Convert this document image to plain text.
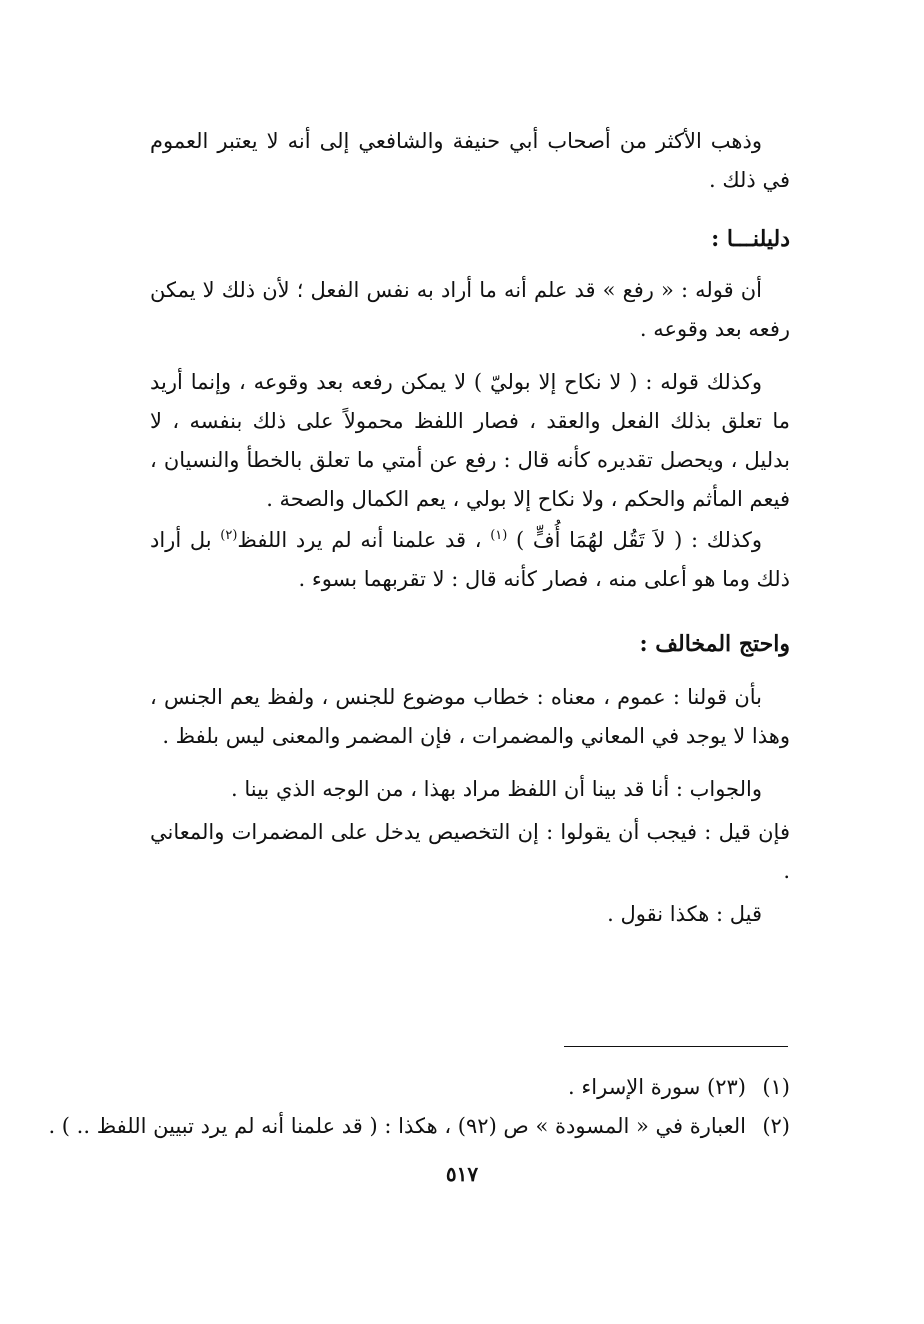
وذهب الأكثر من أصحاب أبي حنيفة والشافعي إلى أنه لا يعتبر العموم في ذلك .

دليلنـــا :

أن قوله : « رفع » قد علم أنه ما أراد به نفس الفعل ؛ لأن ذلك لا يمكن رفعه بعد وقوعه .

وكذلك قوله : ( لا نكاح إلا بوليّ ) لا يمكن رفعه بعد وقوعه ، وإنما أريد ما تعلق بذلك الفعل والعقد ، فصار اللفظ محمولاً على ذلك بنفسه ، لا بدليل ، ويحصل تقديره كأنه قال : رفع عن أمتي ما تعلق بالخطأ والنسيان ، فيعم المأثم والحكم ، ولا نكاح إلا بولي ، يعم الكمال والصحة .

وكذلك : ( لاَ تَقُل لهُمَا أُفٍّ ) $^{(١)}$ ، قد علمنا أنه لم يرد اللفظ$^{(٢)}$ بل أراد ذلك وما هو أعلى منه ، فصار كأنه قال : لا تقربهما بسوء .

واحتج المخالف :

بأن قولنا : عموم ، معناه : خطاب موضوع للجنس ، ولفظ يعم الجنس ، وهذا لا يوجد في المعاني والمضمرات ، فإن المضمر والمعنى ليس بلفظ .

والجواب : أنا قد بينا أن اللفظ مراد بهذا ، من الوجه الذي بينا .

فإن قيل : فيجب أن يقولوا : إن التخصيص يدخل على المضمرات والمعاني .

قيل : هكذا نقول .

(١)(٢٣) سورة الإسراء .

(٢)العبارة في « المسودة » ص (٩٢) ، هكذا : ( قد علمنا أنه لم يرد تبيين اللفظ .. ) .

٥١٧
